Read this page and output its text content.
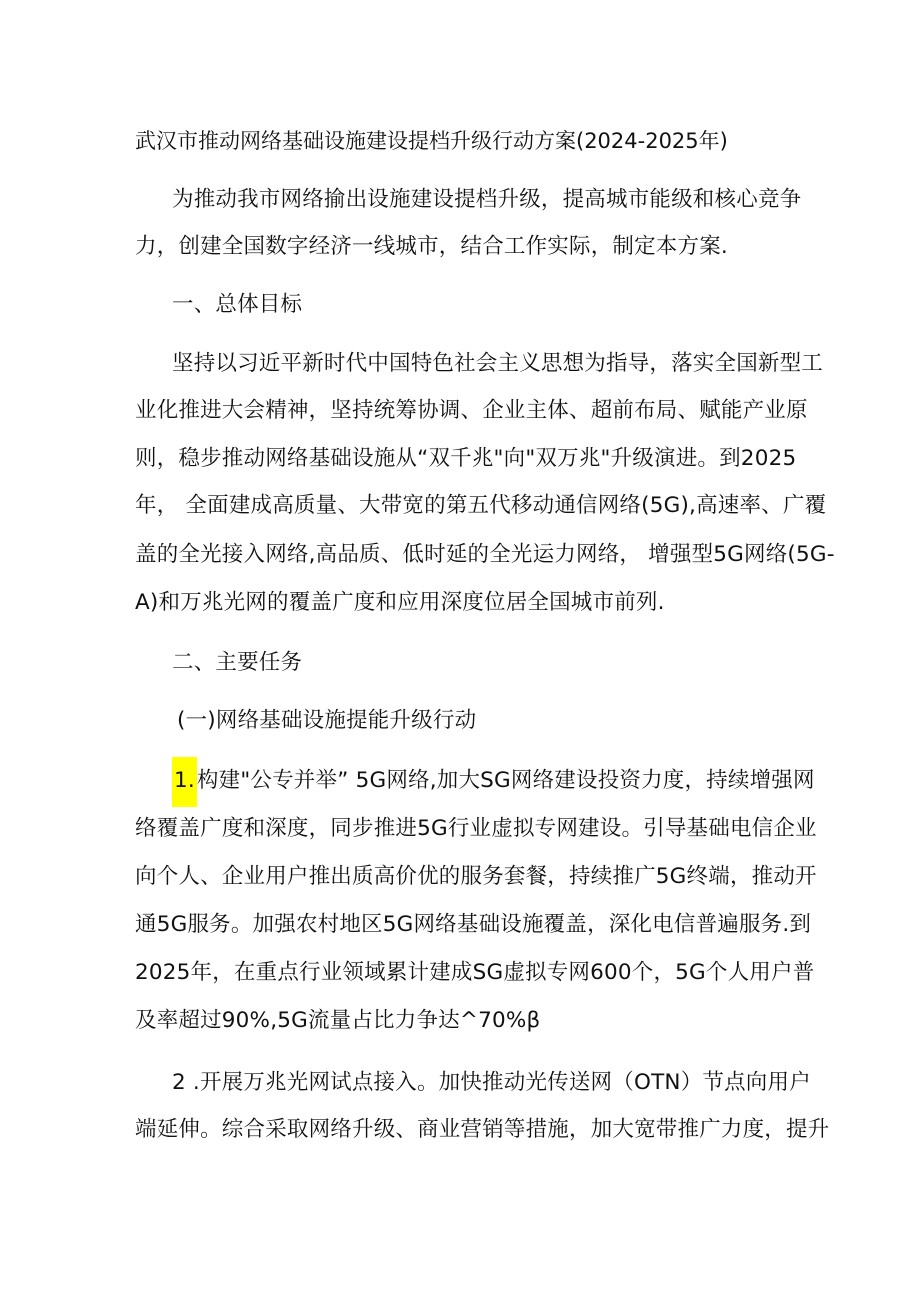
武汉市推动网络基础设施建设提档升级行动方案(2024-2025年)
为推动我市网络揄出设施建设提档升级，提高城市能级和核心竞争
力，创建全国数字经济一线城市，结合工作实际，制定本方案.
一、总体目标
坚持以习近平新时代中国特色社会主义思想为指导，落实全国新型工
业化推进大会精神，坚持统筹协调、企业主体、超前布局、赋能产业原
则，稳步推动网络基础设施从“双千兆"向"双万兆"升级演进。到2025
年， 全面建成高质量、大带宽的第五代移动通信网络(5G),高速率、广覆
盖的全光接入网络,高品质、低时延的全光运力网络， 增强型5G网络(5G-
A)和万兆光网的覆盖广度和应用深度位居全国城市前列.
二、主要任务
(一)网络基础设施提能升级行动
1.构建"公专并举” 5G网络,加大SG网络建设投资力度，持续增强网
络覆盖广度和深度，同步推进5G行业虚拟专网建设。引导基础电信企业
向个人、企业用户推出质高价优的服务套餐，持续推广5G终端，推动开
通5G服务。加强农村地区5G网络基础设施覆盖，深化电信普遍服务.到
2025年，在重点行业领域累计建成SG虚拟专网600个，5G个人用户普
及率超过90%,5G流量占比力争达^70%β
2 .开展万兆光网试点接入。加快推动光传送网（OTN）节点向用户
端延伸。综合采取网络升级、商业营销等措施，加大宽带推广力度，提升
